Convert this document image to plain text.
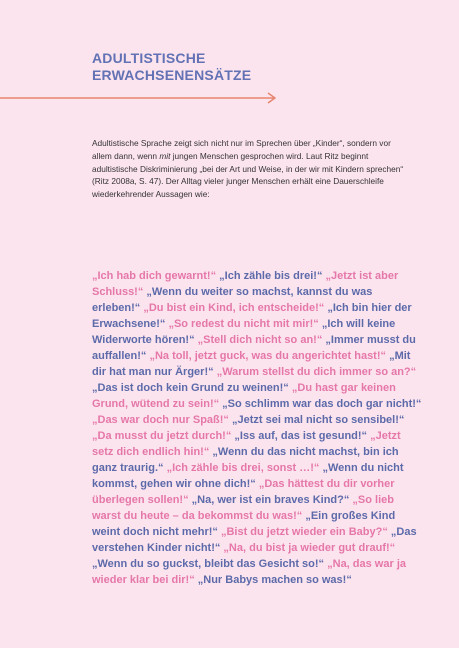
ADULTISTISCHE
ERWACHSENENSÄTZE

Adultistische Sprache zeigt sich nicht nur im Sprechen über „Kinder“, sondern vor allem dann, wenn mit jungen Menschen gesprochen wird. Laut Ritz beginnt adultistische Diskriminierung „bei der Art und Weise, in der wir mit Kindern sprechen“ (Ritz 2008a, S. 47). Der Alltag vieler junger Menschen erhält eine Dauerschleife wiederkehrender Aussagen wie:

„Ich hab dich gewarnt!“ „Ich zähle bis drei!“ „Jetzt ist aber Schluss!“ „Wenn du weiter so machst, kannst du was erleben!“ „Du bist ein Kind, ich entscheide!“ „Ich bin hier der Erwachsene!“ „So redest du nicht mit mir!“ „Ich will keine Widerworte hören!“ „Stell dich nicht so an!“ „Immer musst du auffallen!“ „Na toll, jetzt guck, was du angerichtet hast!“ „Mit dir hat man nur Ärger!“ „Warum stellst du dich immer so an?“ „Das ist doch kein Grund zu weinen!“ „Du hast gar keinen Grund, wütend zu sein!“ „So schlimm war das doch gar nicht!“ „Das war doch nur Spaß!“ „Jetzt sei mal nicht so sensibel!“ „Da musst du jetzt durch!“ „Iss auf, das ist gesund!“ „Jetzt setz dich endlich hin!“ „Wenn du das nicht machst, bin ich ganz traurig.“ „Ich zähle bis drei, sonst …!“ „Wenn du nicht kommst, gehen wir ohne dich!“ „Das hättest du dir vorher überlegen sollen!“ „Na, wer ist ein braves Kind?“ „So lieb warst du heute – da bekommst du was!“ „Ein großes Kind weint doch nicht mehr!“ „Bist du jetzt wieder ein Baby?“ „Das verstehen Kinder nicht!“ „Na, du bist ja wieder gut drauf!“ „Wenn du so guckst, bleibt das Gesicht so!“ „Na, das war ja wieder klar bei dir!“ „Nur Babys machen so was!“
